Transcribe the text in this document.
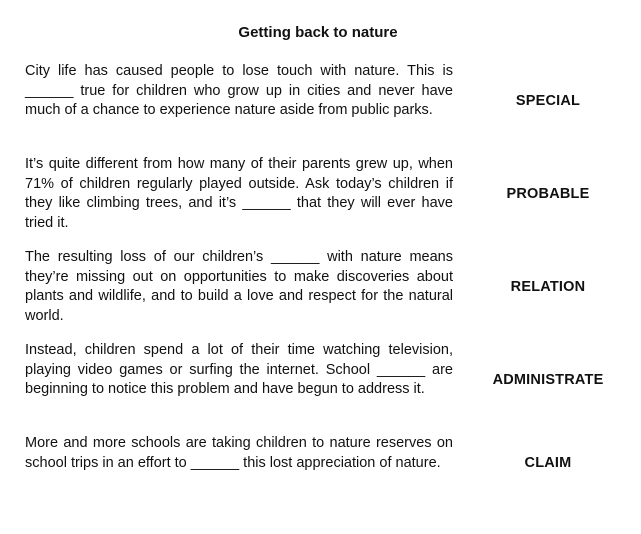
Getting back to nature
City life has caused people to lose touch with nature. This is ______ true for children who grow up in cities and never have much of a chance to experience nature aside from public parks.
SPECIAL
It’s quite different from how many of their parents grew up, when 71% of children regularly played outside. Ask today’s children if they like climbing trees, and it’s ______ that they will ever have tried it.
PROBABLE
The resulting loss of our children’s ______ with nature means they’re missing out on opportunities to make discoveries about plants and wildlife, and to build a love and respect for the natural world.
RELATION
Instead, children spend a lot of their time watching television, playing video games or surfing the internet. School ______ are beginning to notice this problem and have begun to address it.
ADMINISTRATE
More and more schools are taking children to nature reserves on school trips in an effort to ______ this lost appreciation of nature.	CLAIM
